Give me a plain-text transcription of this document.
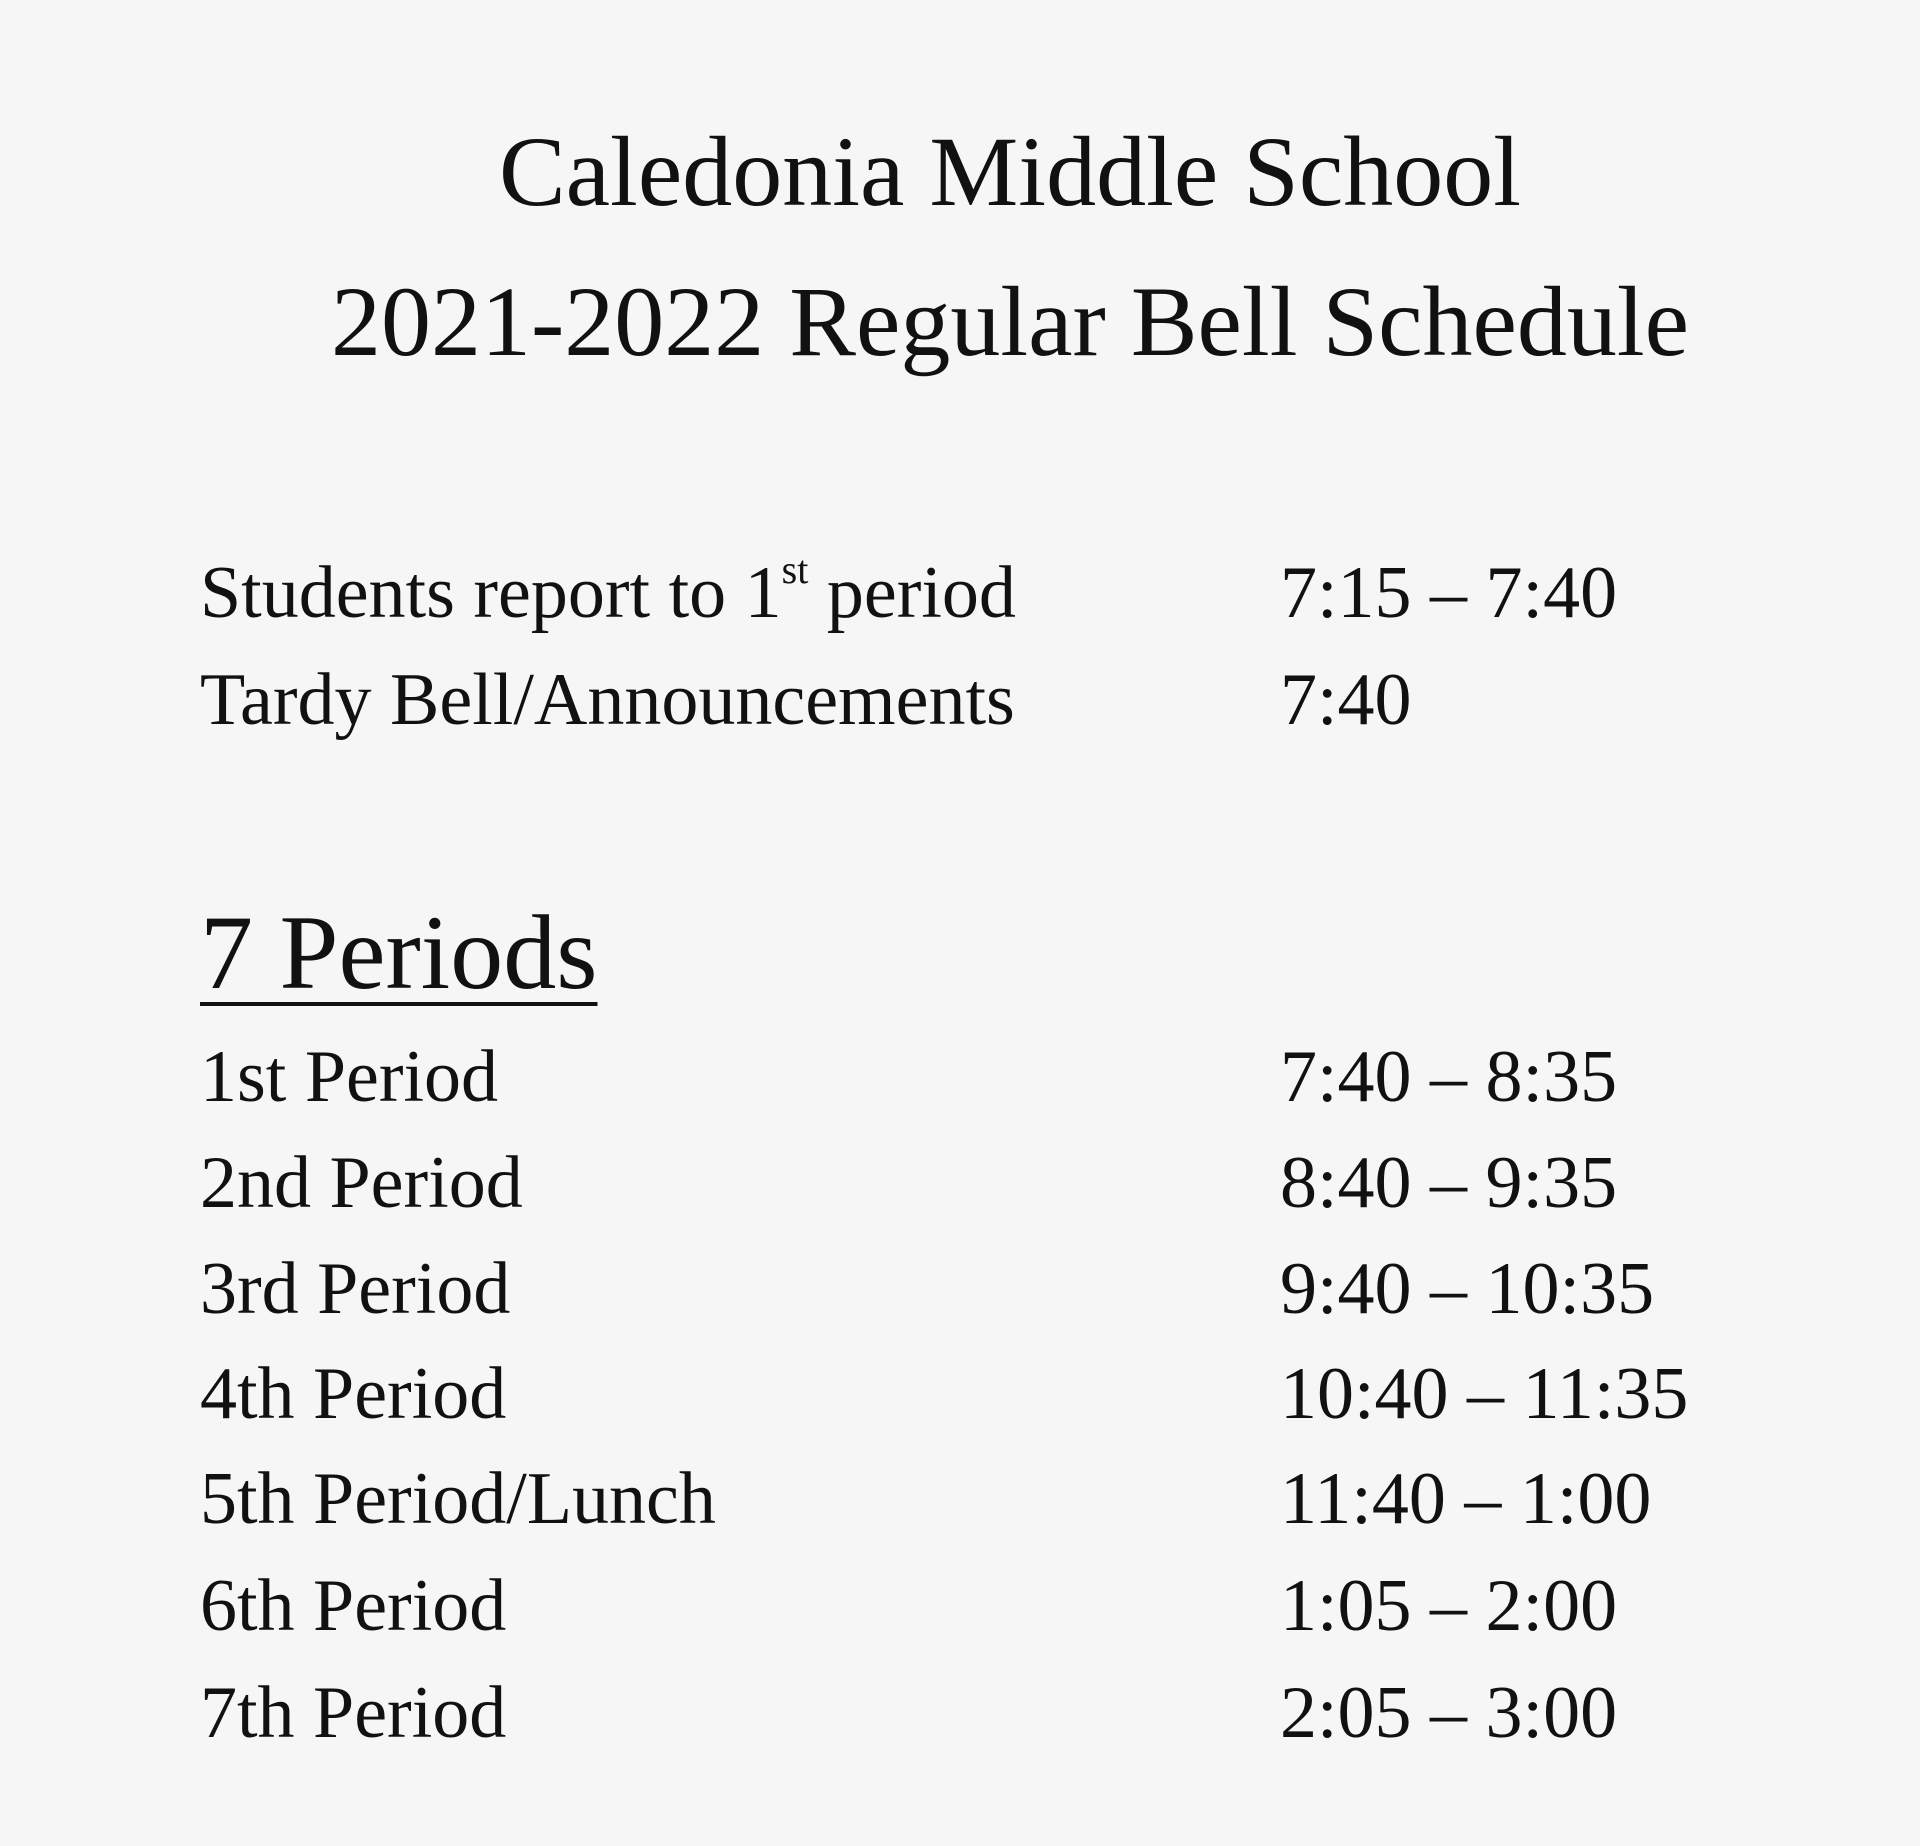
Caledonia Middle School
2021-2022 Regular Bell Schedule
Students report to 1st period	7:15 – 7:40
Tardy Bell/Announcements	7:40
7 Periods
1st Period	7:40 – 8:35
2nd Period	8:40 – 9:35
3rd Period	9:40 – 10:35
4th Period	10:40 – 11:35
5th Period/Lunch	11:40 – 1:00
6th Period	1:05 – 2:00
7th Period	2:05 – 3:00
